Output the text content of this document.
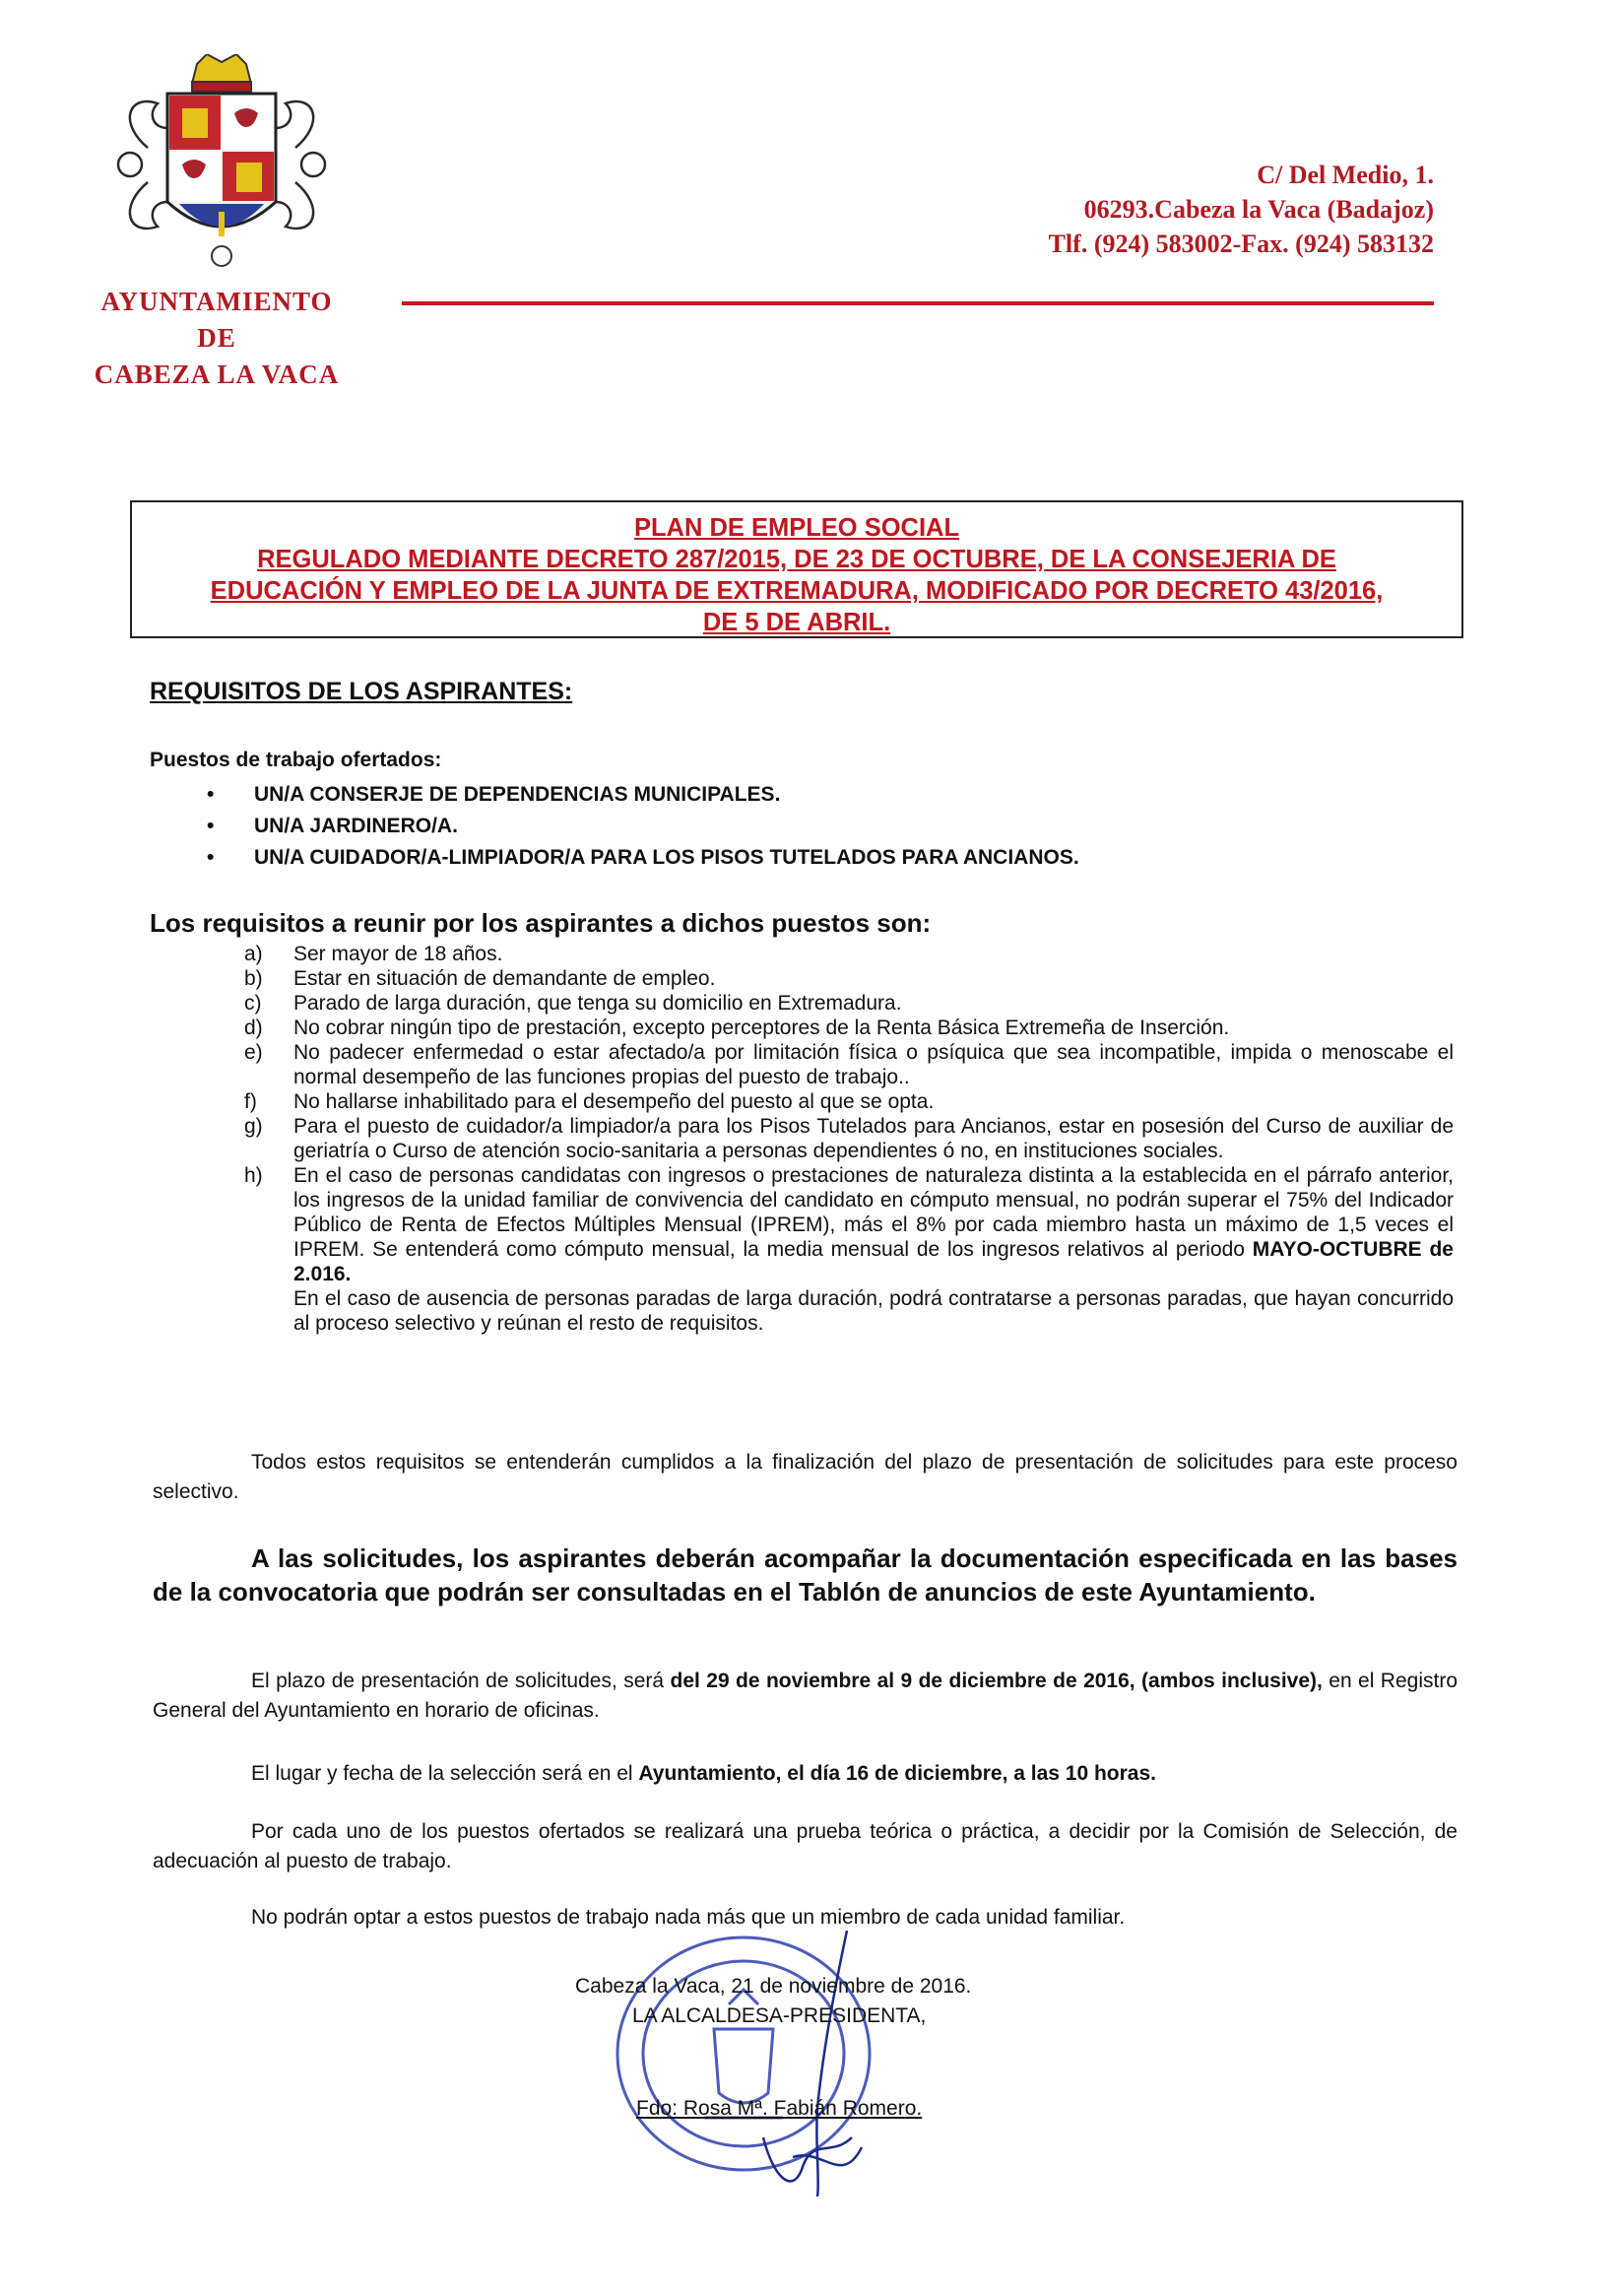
AYUNTAMIENTO
DE
CABEZA LA VACA
C/ Del Medio, 1.
06293.Cabeza la Vaca (Badajoz)
Tlf. (924) 583002-Fax. (924) 583132
PLAN DE EMPLEO SOCIAL
REGULADO MEDIANTE DECRETO 287/2015, DE 23 DE OCTUBRE, DE LA CONSEJERIA DE
EDUCACIÓN Y EMPLEO DE LA JUNTA DE EXTREMADURA, MODIFICADO POR DECRETO 43/2016,
DE 5 DE ABRIL.
REQUISITOS DE LOS ASPIRANTES:
Puestos de trabajo ofertados:
• UN/A CONSERJE DE DEPENDENCIAS MUNICIPALES.
• UN/A JARDINERO/A.
• UN/A CUIDADOR/A-LIMPIADOR/A PARA LOS PISOS TUTELADOS PARA ANCIANOS.
Los requisitos a reunir por los aspirantes a dichos puestos son:
a) Ser mayor de 18 años.
b) Estar en situación de demandante de empleo.
c) Parado de larga duración, que tenga su domicilio en Extremadura.
d) No cobrar ningún tipo de prestación, excepto perceptores de la Renta Básica Extremeña de Inserción.
e) No padecer enfermedad o estar afectado/a por limitación física o psíquica que sea incompatible, impida o menoscabe el normal desempeño de las funciones propias del puesto de trabajo..
f) No hallarse inhabilitado para el desempeño del puesto al que se opta.
g) Para el puesto de cuidador/a limpiador/a para los Pisos Tutelados para Ancianos, estar en posesión del Curso de auxiliar de geriatría o Curso de atención socio-sanitaria a personas dependientes ó no, en instituciones sociales.
h) En el caso de personas candidatas con ingresos o prestaciones de naturaleza distinta a la establecida en el párrafo anterior, los ingresos de la unidad familiar de convivencia del candidato en cómputo mensual, no podrán superar el 75% del Indicador Público de Renta de Efectos Múltiples Mensual (IPREM), más el 8% por cada miembro hasta un máximo de 1,5 veces el IPREM. Se entenderá como cómputo mensual, la media mensual de los ingresos relativos al periodo MAYO-OCTUBRE de 2.016.

En el caso de ausencia de personas paradas de larga duración, podrá contratarse a personas paradas, que hayan concurrido al proceso selectivo y reúnan el resto de requisitos.

Todos estos requisitos se entenderán cumplidos a la finalización del plazo de presentación de solicitudes para este proceso selectivo.
A las solicitudes, los aspirantes deberán acompañar la documentación especificada en las bases de la convocatoria que podrán ser consultadas en el Tablón de anuncios de este Ayuntamiento.
El plazo de presentación de solicitudes, será del 29 de noviembre al 9 de diciembre de 2016, (ambos inclusive), en el Registro General del Ayuntamiento en horario de oficinas.
El lugar y fecha de la selección será en el Ayuntamiento, el día 16 de diciembre, a las 10 horas.
Por cada uno de los puestos ofertados se realizará una prueba teórica o práctica, a decidir por la Comisión de Selección, de adecuación al puesto de trabajo.
No podrán optar a estos puestos de trabajo nada más que un miembro de cada unidad familiar.
Cabeza la Vaca, 21 de noviembre de 2016.
LA ALCALDESA-PRESIDENTA,
Fdo: Rosa Mª. Fabián Romero.
